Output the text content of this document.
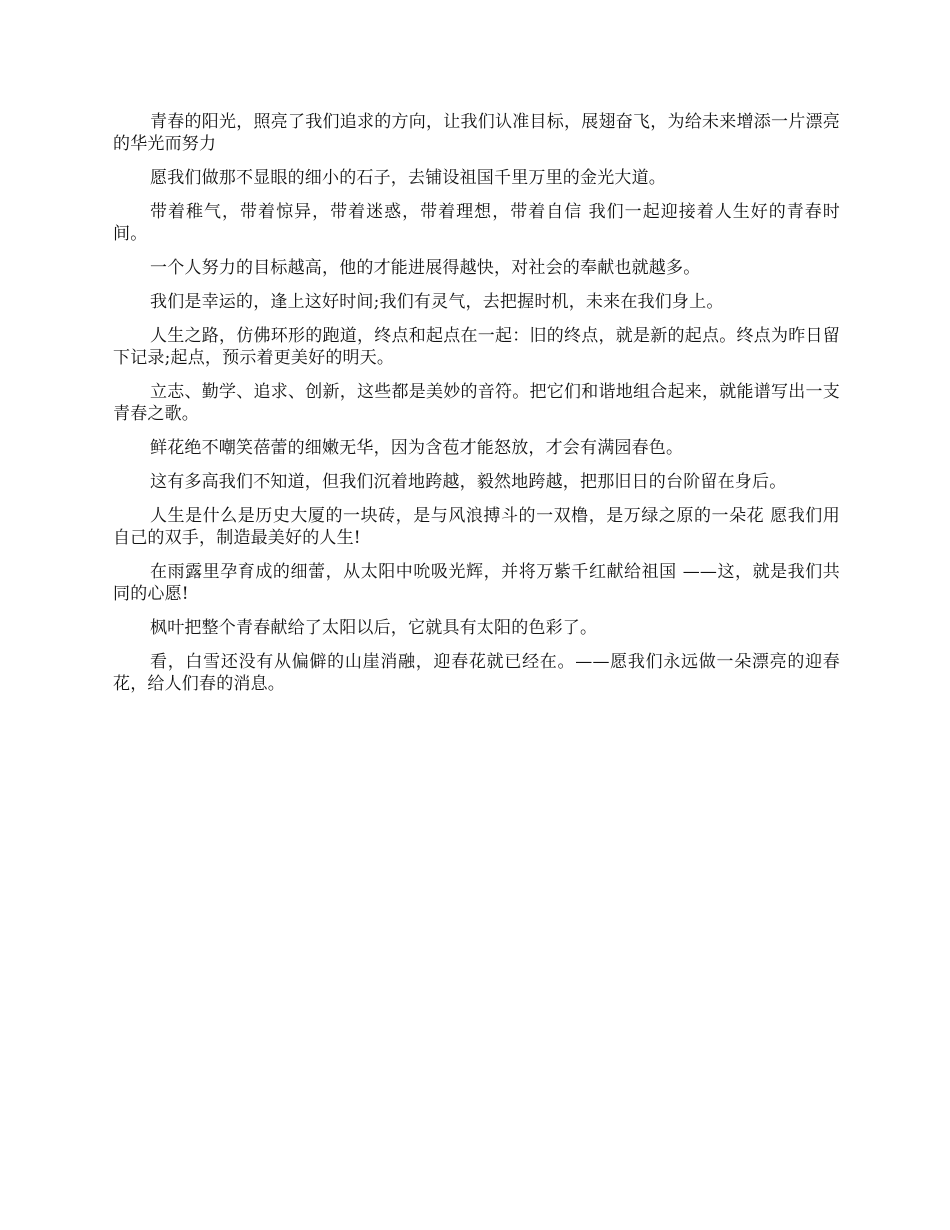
青春的阳光，照亮了我们追求的方向，让我们认准目标，展翅奋飞，为给未来增添一片漂亮的华光而努力

愿我们做那不显眼的细小的石子，去铺设祖国千里万里的金光大道。

带着稚气，带着惊异，带着迷惑，带着理想，带着自信 我们一起迎接着人生好的青春时间。

一个人努力的目标越高，他的才能进展得越快，对社会的奉献也就越多。

我们是幸运的，逢上这好时间;我们有灵气，去把握时机，未来在我们身上。

人生之路，仿佛环形的跑道，终点和起点在一起：旧的终点，就是新的起点。终点为昨日留下记录;起点，预示着更美好的明天。

立志、勤学、追求、创新，这些都是美妙的音符。把它们和谐地组合起来，就能谱写出一支青春之歌。

鲜花绝不嘲笑蓓蕾的细嫩无华，因为含苞才能怒放，才会有满园春色。

这有多高我们不知道，但我们沉着地跨越，毅然地跨越，把那旧日的台阶留在身后。

人生是什么是历史大厦的一块砖，是与风浪搏斗的一双橹，是万绿之原的一朵花 愿我们用自己的双手，制造最美好的人生!

在雨露里孕育成的细蕾，从太阳中吮吸光辉，并将万紫千红献给祖国 ——这，就是我们共同的心愿!

枫叶把整个青春献给了太阳以后，它就具有太阳的色彩了。

看，白雪还没有从偏僻的山崖消融，迎春花就已经在。——愿我们永远做一朵漂亮的迎春花，给人们春的消息。
